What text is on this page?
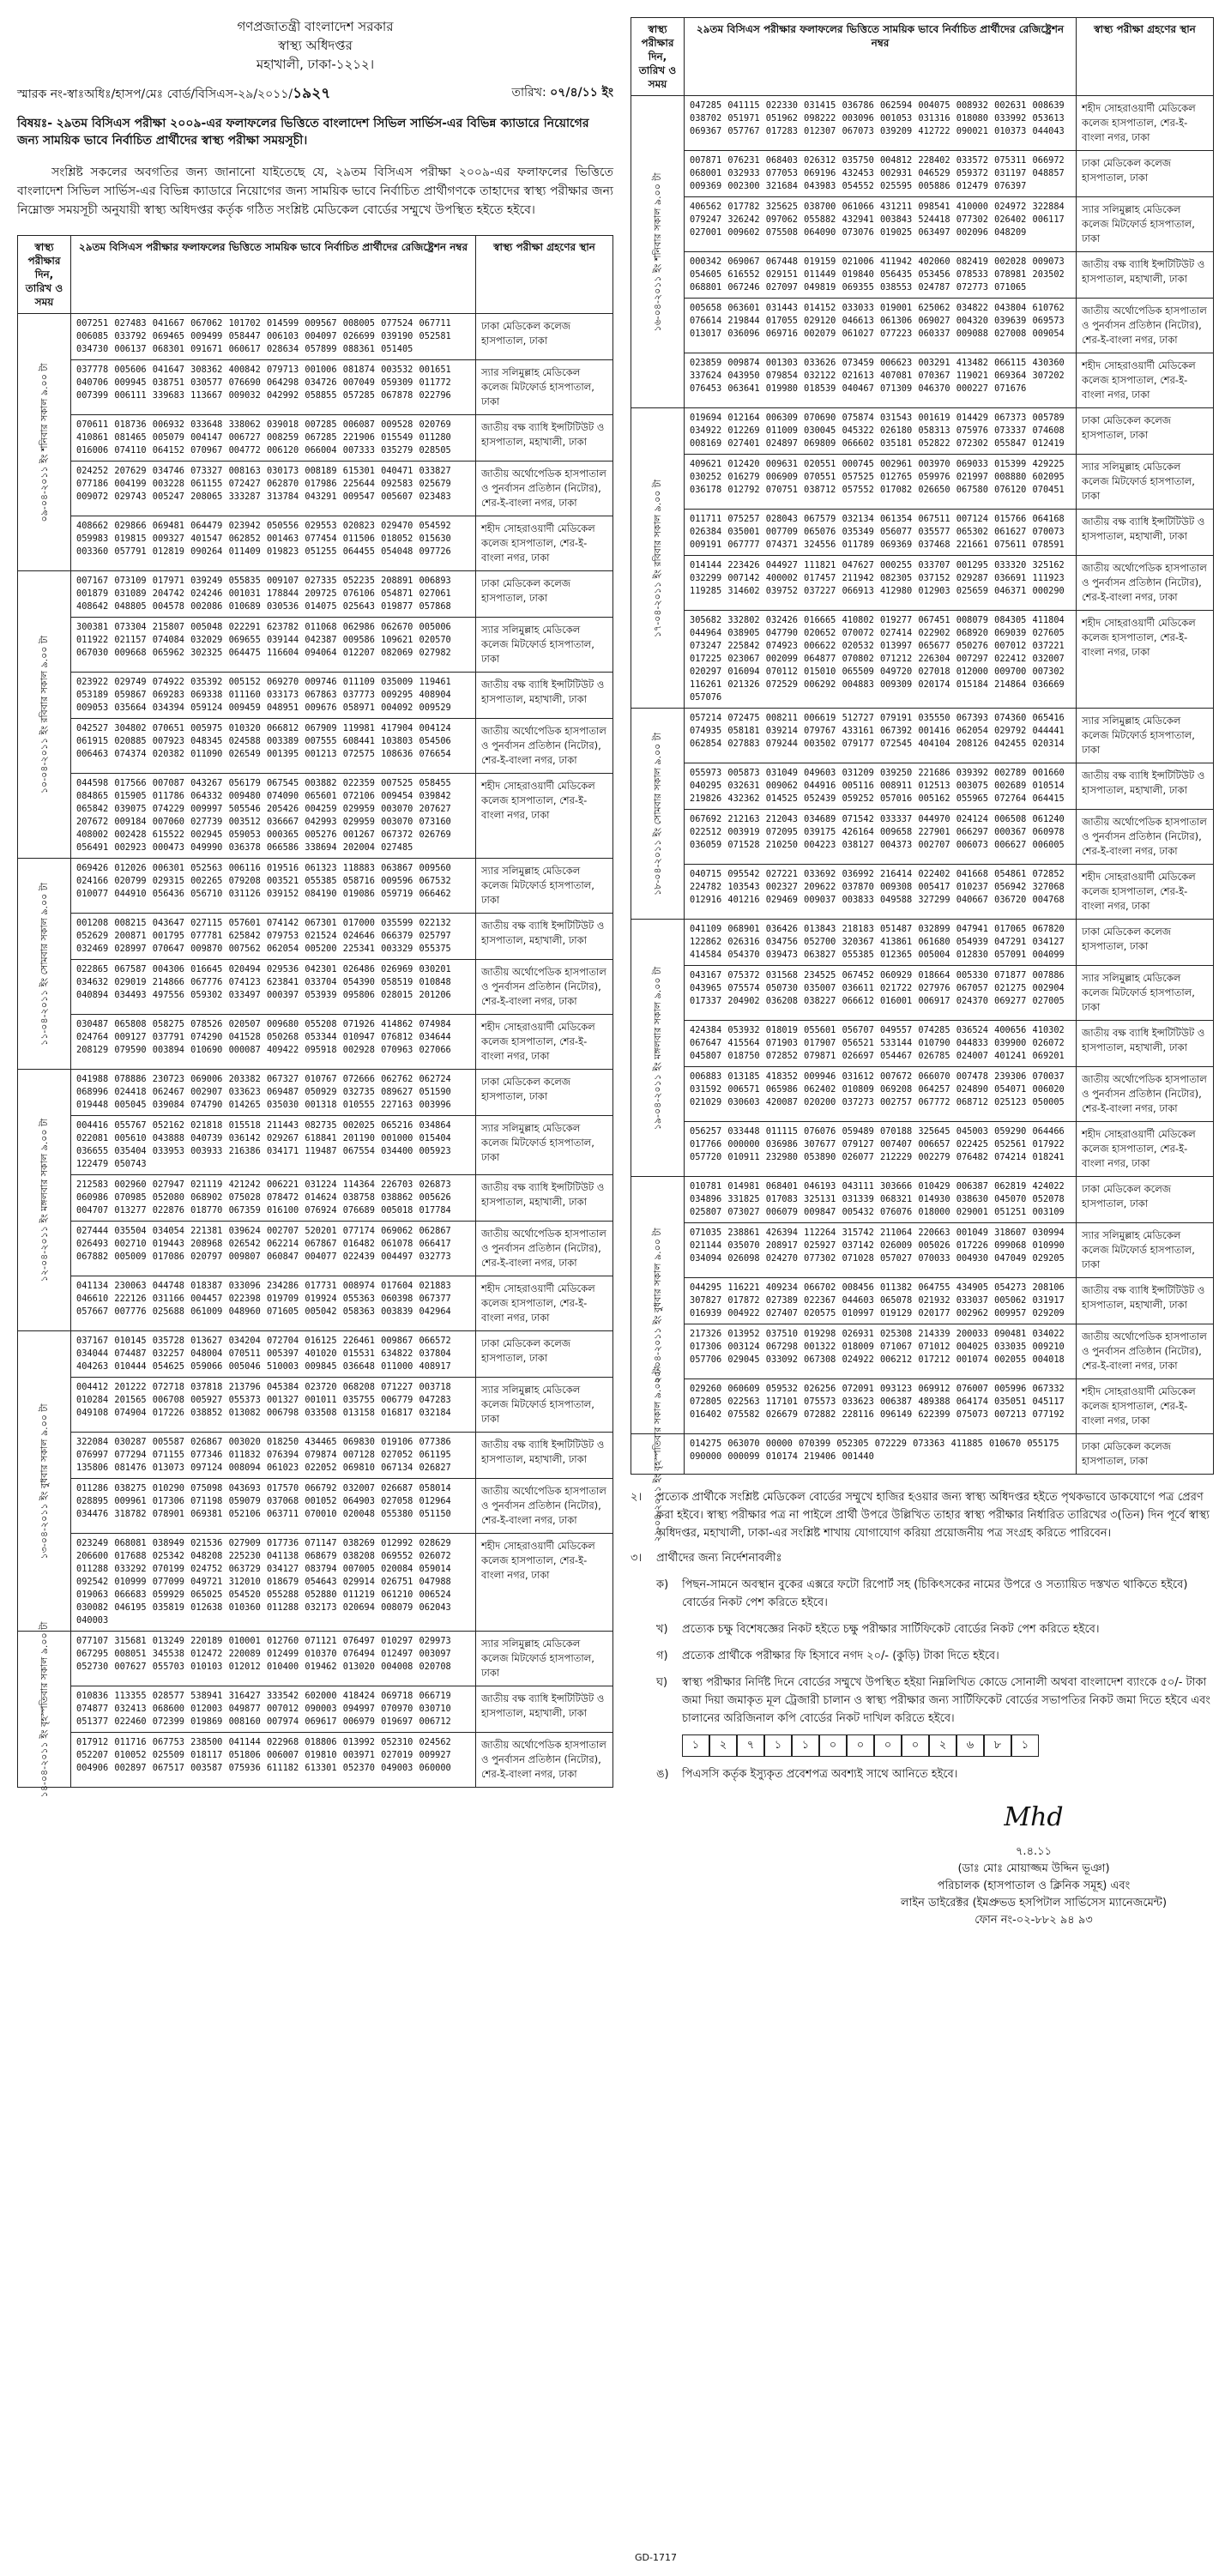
গণপ্রজাতন্ত্রী বাংলাদেশ সরকার
স্বাস্থ্য অধিদপ্তর
মহাখালী, ঢাকা-১২১২।
স্মারক নং-স্বাঃঅধিঃ/হাসপ/মেঃ বোর্ড/বিসিএস-২৯/২০১১/১৯২৭	তারিখ: ০৭/৪/১১ ইং
বিষয়ঃ- ২৯তম বিসিএস পরীক্ষা ২০০৯-এর ফলাফলের ভিত্তিতে বাংলাদেশ সিভিল সার্ভিস-এর বিভিন্ন ক্যাডারে নিয়োগের জন্য সাময়িক ভাবে নির্বাচিত প্রার্থীদের স্বাস্থ্য পরীক্ষা সময়সূচী।
সংশ্লিষ্ট সকলের অবগতির জন্য জানানো যাইতেছে যে, ২৯তম বিসিএস পরীক্ষা ২০০৯-এর ফলাফলের ভিত্তিতে বাংলাদেশ সিভিল সার্ভিস-এর বিভিন্ন ক্যাডারে নিয়োগের জন্য সাময়িক ভাবে নির্বাচিত প্রার্থীগণকে তাহাদের স্বাস্থ্য পরীক্ষার জন্য নিম্নোক্ত সময়সূচী অনুযায়ী স্বাস্থ্য অধিদপ্তর কর্তৃক গঠিত সংশ্লিষ্ট মেডিকেল বোর্ডের সম্মুখে উপস্থিত হইতে হইবে।
স্বাস্থ্য পরীক্ষার দিন, তারিখ ও সময়	২৯তম বিসিএস পরীক্ষার ফলাফলের ভিত্তিতে সাময়িক ভাবে নির্বাচিত প্রার্থীদের রেজিষ্ট্রেশন নম্বর	স্বাস্থ্য পরীক্ষা গ্রহণের স্থান

০৯-০৪-২০১১ ইং শনিবার সকাল ৯.০০ টা	007251 027483 041667 067062 101702 014599 009567 008005 077524 067711 006085 033792 069465 009499 058447 006103 004097 026699 039190 052581 034730 006137 068301 091671 060617 028634 057899 088361 051405	ঢাকা মেডিকেল কলেজ হাসপাতাল, ঢাকা
	037778 005606 041647 308362 400842 079713 001006 081874 003532 001651 040706 009945 038751 030577 076690 064298 034726 007049 059309 011772 007399 006111 339683 113667 009032 042992 058855 057285 067878 022796	স্যার সলিমুল্লাহ মেডিকেল কলেজ মিটফোর্ড হাসপাতাল, ঢাকা
	070611 018736 006932 033648 338062 039018 007285 006087 009528 020769 410861 081465 005079 004147 006727 008259 067285 221906 015549 011280 016006 074110 064152 070967 004772 006120 066004 007333 035279 028505	জাতীয় বক্ষ ব্যাধি ইন্সটিটিউট ও হাসপাতাল, মহাখালী, ঢাকা
	024252 207629 034746 073327 008163 030173 008189 615301 040471 033827 077186 004199 003228 061155 072427 062870 017986 225644 092583 025679 009072 029743 005247 208065 333287 313784 043291 009547 005607 023483	জাতীয় অর্থোপেডিক হাসপাতাল ও পুনর্বাসন প্রতিষ্ঠান (নিটোর), শের-ই-বাংলা নগর, ঢাকা
	408662 029866 069481 064479 023942 050556 029553 020823 029470 054592 059983 019815 009327 401547 062852 001463 077454 011506 018052 015630 003360 057791 012819 090264 011409 019823 051255 064455 054048 097726	শহীদ সোহরাওয়ার্দী মেডিকেল কলেজ হাসপাতাল, শের-ই-বাংলা নগর, ঢাকা

১০-০৪-২০১১ ইং রবিবার সকাল ৯.০০ টা	007167 073109 017971 039249 055835 009107 027335 052235 208891 006893 001879 031089 204742 024246 001031 178844 209725 076106 054871 027061 408642 048805 004578 002086 010689 030536 014075 025643 019877 057868	ঢাকা মেডিকেল কলেজ হাসপাতাল, ঢাকা
	300381 073304 215807 005048 022291 623782 011068 062986 062670 005006 011922 021157 074084 032029 069655 039144 042387 009586 109621 020570 067030 009668 065962 302325 064475 116604 094064 012207 082069 027982	স্যার সলিমুল্লাহ মেডিকেল কলেজ মিটফোর্ড হাসপাতাল, ঢাকা
	023922 029749 074922 035392 005152 069270 009746 011109 035009 119461 053189 059867 069283 069338 011160 033173 067863 037773 009295 408904 009053 035664 034394 059124 009459 048951 009676 058971 004092 009529	জাতীয় বক্ষ ব্যাধি ইন্সটিটিউট ও হাসপাতাল, মহাখালী, ঢাকা
	042527 304802 070651 005975 010320 066812 067909 119981 417904 004124 061915 020885 007923 048345 024588 003389 007555 608441 103803 054506 006463 074374 020382 011090 026549 001395 001213 072575 108636 076654	জাতীয় অর্থোপেডিক হাসপাতাল ও পুনর্বাসন প্রতিষ্ঠান (নিটোর), শের-ই-বাংলা নগর, ঢাকা
	044598 017566 007087 043267 056179 067545 003882 022359 007525 058455 084865 015905 011786 064332 009480 074090 065601 072106 009454 039842 065842 039075 074229 009997 505546 205426 004259 029959 003070 207627 207672 009184 007060 027739 003512 036667 042993 029959 003070 073160 408002 002428 615522 002945 059053 000365 005276 001267 067372 026769 056491 002923 000473 049990 036378 066586 338694 202004 027485	শহীদ সোহরাওয়ার্দী মেডিকেল কলেজ হাসপাতাল, শের-ই-বাংলা নগর, ঢাকা

১১-০৪-২০১১ ইং সোমবার সকাল ৯.০০ টা	069426 012026 006301 052563 006116 019516 061323 118883 063867 009560 024166 020799 029315 002265 079208 003521 055385 058716 009596 067532 010077 044910 056436 056710 031126 039152 084190 019086 059719 066462	স্যার সলিমুল্লাহ মেডিকেল কলেজ মিটফোর্ড হাসপাতাল, ঢাকা
	001208 008215 043647 027115 057601 074142 067301 017000 035599 022132 052629 200871 001795 077781 625842 079753 021524 024646 066379 025797 032469 028997 070647 009870 007562 062054 005200 225341 003329 055375	জাতীয় বক্ষ ব্যাধি ইন্সটিটিউট ও হাসপাতাল, মহাখালী, ঢাকা
	022865 067587 004306 016645 020494 029536 042301 026486 026969 030201 034632 029019 214866 067776 074123 623841 033704 054390 058519 010848 040894 034493 497556 059302 033497 000397 053939 095806 028015 201206	জাতীয় অর্থোপেডিক হাসপাতাল ও পুনর্বাসন প্রতিষ্ঠান (নিটোর), শের-ই-বাংলা নগর, ঢাকা
	030487 065808 058275 078526 020507 009680 055208 071926 414862 074984 024764 009127 037791 074290 041528 050268 053344 010947 076812 034644 208129 079590 003894 010690 000087 409422 095918 002928 070963 027066	শহীদ সোহরাওয়ার্দী মেডিকেল কলেজ হাসপাতাল, শের-ই-বাংলা নগর, ঢাকা

১২-০৪-২০১১ ইং মঙ্গলবার সকাল ৯.০০ টা	041988 078886 230723 069006 203382 067327 010767 072666 062762 062724 068996 024418 062467 002907 033623 069487 050929 032735 089627 051590 019448 005045 039084 074790 014265 035030 001318 010555 227163 003996	ঢাকা মেডিকেল কলেজ হাসপাতাল, ঢাকা
	004416 055767 052162 021818 015518 211443 082735 002025 065216 034864 022081 005610 043888 040739 036142 029267 618841 201190 001000 015404 036655 035404 033953 003933 216386 034171 119487 067554 034400 005923 122479 050743	স্যার সলিমুল্লাহ মেডিকেল কলেজ মিটফোর্ড হাসপাতাল, ঢাকা
	212583 002960 027947 021119 421242 006221 031224 114364 226703 026873 060986 070985 052080 068902 075028 078472 014624 038758 038862 005626 004707 013277 022876 018770 067359 016100 076924 076689 005018 017784	জাতীয় বক্ষ ব্যাধি ইন্সটিটিউট ও হাসপাতাল, মহাখালী, ঢাকা
	027444 035504 034054 221381 039624 002707 520201 077174 069062 062867 026493 002710 019443 208968 026542 062214 067867 016482 061078 066417 067882 005009 017086 020797 009807 060847 004077 022439 004497 032773	জাতীয় অর্থোপেডিক হাসপাতাল ও পুনর্বাসন প্রতিষ্ঠান (নিটোর), শের-ই-বাংলা নগর, ঢাকা
	041134 230063 044748 018387 033096 234286 017731 008974 017604 021883 046610 222126 031166 004457 022398 019709 019924 055363 060398 067377 057667 007776 025688 061009 048960 071605 005042 058363 003839 042964	শহীদ সোহরাওয়ার্দী মেডিকেল কলেজ হাসপাতাল, শের-ই-বাংলা নগর, ঢাকা

১৩-০৪-২০১১ ইং বুধবার সকাল ৯.০০ টা	037167 010145 035728 013627 034204 072704 016125 226461 009867 066572 034044 074487 032257 048004 070511 005397 401020 015531 634822 037804 404263 010444 054625 059066 005046 510003 009845 036648 011000 408917	ঢাকা মেডিকেল কলেজ হাসপাতাল, ঢাকা
	004412 201222 072718 037818 213796 045384 023720 068208 071227 003718 010284 201565 006708 005927 055373 001327 001011 035755 006779 047283 049108 074904 017226 038852 013082 006798 033508 013158 016817 032184	স্যার সলিমুল্লাহ মেডিকেল কলেজ মিটফোর্ড হাসপাতাল, ঢাকা
	322084 030287 005587 026867 003020 018250 434465 069830 019106 077386 076997 077294 071155 077346 011832 076394 079874 007128 027052 061195 135806 081476 013073 097124 008094 061023 022052 069810 067134 026827	জাতীয় বক্ষ ব্যাধি ইন্সটিটিউট ও হাসপাতাল, মহাখালী, ঢাকা
	011286 038275 010290 075098 043693 017570 066792 032007 026687 058014 028895 009961 017306 071198 059079 037068 001052 064903 027058 012964 034476 318782 078901 069381 052106 063711 070010 020048 055380 051150	জাতীয় অর্থোপেডিক হাসপাতাল ও পুনর্বাসন প্রতিষ্ঠান (নিটোর), শের-ই-বাংলা নগর, ঢাকা
	023249 068081 038949 021536 027909 017736 071147 038269 012992 028629 206600 017688 025342 048208 225230 041138 068679 038208 069552 026072 011288 033292 070199 024752 063729 034127 083794 007005 020084 059014 092542 010999 077099 049721 312010 018679 054643 029914 026751 047988 019063 066683 059929 065025 054520 055288 052880 011219 061210 006524 030082 046195 035819 012638 010360 011288 032173 020694 008079 062043 040003	শহীদ সোহরাওয়ার্দী মেডিকেল কলেজ হাসপাতাল, শের-ই-বাংলা নগর, ঢাকা

১৪-০৪-২০১১ ইং বৃহস্পতিবার সকাল ৯.০০ টা	077107 315681 013249 220189 010001 012760 071121 076497 010297 029973 067295 008051 345538 012472 220089 012499 010370 076494 012497 003097 052730 007627 055703 010103 012012 010400 019462 013020 004008 020708	স্যার সলিমুল্লাহ মেডিকেল কলেজ মিটফোর্ড হাসপাতাল, ঢাকা
	010836 113355 028577 538941 316427 333542 602000 418424 069718 066719 074877 032413 068600 012003 049877 007012 090003 094997 070970 030710 051377 022460 072399 019869 008160 007974 069617 006979 019697 006712	জাতীয় বক্ষ ব্যাধি ইন্সটিটিউট ও হাসপাতাল, মহাখালী, ঢাকা
	017912 011716 067753 238500 041144 022968 018806 013992 052310 024562 052207 010052 025509 018117 051806 006007 019810 003971 027019 009927 004906 002897 067517 003587 075936 611182 613301 052370 049003 060000	জাতীয় অর্থোপেডিক হাসপাতাল ও পুনর্বাসন প্রতিষ্ঠান (নিটোর), শের-ই-বাংলা নগর, ঢাকা
স্বাস্থ্য পরীক্ষার দিন, তারিখ ও সময়	২৯তম বিসিএস পরীক্ষার ফলাফলের ভিত্তিতে সাময়িক ভাবে নির্বাচিত প্রার্থীদের রেজিষ্ট্রেশন নম্বর	স্বাস্থ্য পরীক্ষা গ্রহণের স্থান

১৬-০৪-২০১১ ইং শনিবার সকাল ৯.০০ টা	047285 041115 022330 031415 036786 062594 004075 008932 002631 008639 038702 051971 051962 098222 003096 001053 031316 018080 033992 053613 069367 057767 017283 012307 067073 039209 412722 090021 010373 044043	শহীদ সোহরাওয়ার্দী মেডিকেল কলেজ হাসপাতাল, শের-ই-বাংলা নগর, ঢাকা
	007871 076231 068403 026312 035750 004812 228402 033572 075311 066972 068001 032933 077053 069196 432453 002931 046529 059372 031197 048857 009369 002300 321684 043983 054552 025595 005886 012479 076397	ঢাকা মেডিকেল কলেজ হাসপাতাল, ঢাকা
	406562 017782 325625 038700 061066 431211 098541 410000 024972 322884 079247 326242 097062 055882 432941 003843 524418 077302 026402 006117 027001 009602 075508 064090 073076 019025 063497 002096 048209	স্যার সলিমুল্লাহ মেডিকেল কলেজ মিটফোর্ড হাসপাতাল, ঢাকা
	000342 069067 067448 019159 021006 411942 402060 082419 002028 009073 054605 616552 029151 011449 019840 056435 053456 078533 078981 203502 068801 067246 027097 049819 069355 038553 024787 072773 071065	জাতীয় বক্ষ ব্যাধি ইন্সটিটিউট ও হাসপাতাল, মহাখালী, ঢাকা
	005658 063601 031443 014152 033033 019001 625062 034822 043804 610762 076614 219844 017055 029120 046613 061306 069027 004320 039639 069573 013017 036096 069716 002079 061027 077223 060337 009088 027008 009054	জাতীয় অর্থোপেডিক হাসপাতাল ও পুনর্বাসন প্রতিষ্ঠান (নিটোর), শের-ই-বাংলা নগর, ঢাকা
	023859 009874 001303 033626 073459 006623 003291 413482 066115 430360 337624 043950 079854 032122 021613 407081 070367 119021 069364 307202 076453 063641 019980 018539 040467 071309 046370 000227 071676	শহীদ সোহরাওয়ার্দী মেডিকেল কলেজ হাসপাতাল, শের-ই-বাংলা নগর, ঢাকা

১৭-০৪-২০১১ ইং রবিবার সকাল ৯.০০ টা	019694 012164 006309 070690 075874 031543 001619 014429 067373 005789 034922 012269 011009 030045 045322 026180 058313 075976 073337 074608 008169 027401 024897 069809 066602 035181 052822 072302 055847 012419	ঢাকা মেডিকেল কলেজ হাসপাতাল, ঢাকা
	409621 012420 009631 020551 000745 002961 003970 069033 015399 429225 030252 016279 006909 070551 057525 012765 059976 021997 008880 602095 036178 012792 070751 038712 057552 017082 026650 067580 076120 070451	স্যার সলিমুল্লাহ মেডিকেল কলেজ মিটফোর্ড হাসপাতাল, ঢাকা
	011711 075257 028043 067579 032134 061354 067511 007124 015766 064168 026384 035001 007709 065076 035349 056077 035577 065302 061627 070073 009191 067777 074371 324556 011789 069369 037468 221661 075611 078591	জাতীয় বক্ষ ব্যাধি ইন্সটিটিউট ও হাসপাতাল, মহাখালী, ঢাকা
	014144 223426 044927 111821 047627 000255 033707 001295 033320 325162 032299 007142 400002 017457 211942 082305 037152 029287 036691 111923 119285 314602 039752 037227 066913 412980 012903 025659 046371 000290	জাতীয় অর্থোপেডিক হাসপাতাল ও পুনর্বাসন প্রতিষ্ঠান (নিটোর), শের-ই-বাংলা নগর, ঢাকা
	305682 332802 032426 016665 410802 019277 067451 008079 084305 411804 044964 038905 047790 020652 070072 027414 022902 068920 069039 027605 073247 225842 074923 006622 020532 013997 065677 050276 007012 037221 017225 023067 002099 064877 070802 071212 226304 007297 022412 032007 020297 016094 070112 015010 065509 049720 027018 012000 009700 007302 116261 021326 072529 006292 004883 009309 020174 015184 214864 036669 057076	শহীদ সোহরাওয়ার্দী মেডিকেল কলেজ হাসপাতাল, শের-ই-বাংলা নগর, ঢাকা

১৮-০৪-২০১১ ইং সোমবার সকাল ৯.০০ টা	057214 072475 008211 006619 512727 079191 035550 067393 074360 065416 074935 058181 039214 079767 433161 067392 001416 062054 029792 044441 062854 027883 079244 003502 079177 072545 404104 208126 042455 020314	স্যার সলিমুল্লাহ মেডিকেল কলেজ মিটফোর্ড হাসপাতাল, ঢাকা
	055973 005873 031049 049603 031209 039250 221686 039392 002789 001660 040295 032631 009062 044916 005116 008911 012513 003075 002689 010514 219826 432362 014525 052439 059252 057016 005162 055965 072764 064415	জাতীয় বক্ষ ব্যাধি ইন্সটিটিউট ও হাসপাতাল, মহাখালী, ঢাকা
	067692 212163 212043 034689 071542 033337 044970 024124 006508 061240 022512 003919 072095 039175 426164 009658 227901 066297 000367 060978 036059 071528 210250 004223 038127 004373 002707 006073 006627 006005	জাতীয় অর্থোপেডিক হাসপাতাল ও পুনর্বাসন প্রতিষ্ঠান (নিটোর), শের-ই-বাংলা নগর, ঢাকা
	040715 095542 027221 033692 036992 216414 022402 041668 054861 072852 224782 103543 002327 209622 037870 009308 005417 010237 056942 327068 012916 401216 029469 009037 003833 049588 327299 040667 036720 004768	শহীদ সোহরাওয়ার্দী মেডিকেল কলেজ হাসপাতাল, শের-ই-বাংলা নগর, ঢাকা

১৯-০৪-২০১১ ইং মঙ্গলবার সকাল ৯.০০ টা	041109 068901 036426 013843 218183 051487 032899 047941 017065 067820 122862 026316 034756 052700 320367 413861 061680 054939 047291 034127 414584 054370 039473 063827 055385 012365 005004 012830 057091 004099	ঢাকা মেডিকেল কলেজ হাসপাতাল, ঢাকা
	043167 075372 031568 234525 067452 060929 018664 005330 071877 007886 043965 075574 050730 035007 036611 021722 027976 067057 021275 002904 017337 204902 036208 038227 066612 016001 006917 024370 069277 027005	স্যার সলিমুল্লাহ মেডিকেল কলেজ মিটফোর্ড হাসপাতাল, ঢাকা
	424384 053932 018019 055601 056707 049557 074285 036524 400656 410302 067647 415564 071903 017907 056521 533144 010790 044833 039900 026072 045807 018750 072852 079871 026697 054467 026785 024007 401241 069201	জাতীয় বক্ষ ব্যাধি ইন্সটিটিউট ও হাসপাতাল, মহাখালী, ঢাকা
	006883 013185 418352 009946 031612 007672 066070 007478 239306 070037 031592 006571 065986 062402 010809 069208 064257 024890 054071 006020 021029 030603 420087 020200 037273 002757 067772 068712 025123 050005	জাতীয় অর্থোপেডিক হাসপাতাল ও পুনর্বাসন প্রতিষ্ঠান (নিটোর), শের-ই-বাংলা নগর, ঢাকা
	056257 033448 011115 076076 059489 070188 325645 045003 059290 064466 017766 000000 036986 307677 079127 007407 006657 022425 052561 017922 057720 010911 232980 053890 026077 212229 002279 076482 074214 018241	শহীদ সোহরাওয়ার্দী মেডিকেল কলেজ হাসপাতাল, শের-ই-বাংলা নগর, ঢাকা

২০-০৪-২০১১ ইং বুধবার সকাল ৯.০০ টা	010781 014981 068401 046193 043111 303666 010429 006387 062819 424022 034896 331825 017083 325131 031339 068321 014930 038630 045070 052078 025807 073027 006079 009847 005432 076076 018000 029001 051251 003109	ঢাকা মেডিকেল কলেজ হাসপাতাল, ঢাকা
	071035 238861 426394 112264 315742 211064 220663 001049 318607 030994 021144 035070 208917 025927 037142 026009 005026 017226 099068 010990 034094 026098 024270 077302 071028 057027 070033 004930 047049 029205	স্যার সলিমুল্লাহ মেডিকেল কলেজ মিটফোর্ড হাসপাতাল, ঢাকা
	044295 116221 409234 066702 008456 011382 064755 434905 054273 208106 307827 017872 027389 022367 044603 065078 021932 033037 005062 031917 016939 004922 027407 020575 010997 019129 020177 002962 009957 029209	জাতীয় বক্ষ ব্যাধি ইন্সটিটিউট ও হাসপাতাল, মহাখালী, ঢাকা
	217326 013952 037510 019298 026931 025308 214339 200033 090481 034022 017306 003124 067298 001322 018009 071067 071012 004025 033035 009210 057706 029045 033092 067308 024922 006212 017212 001074 002055 004018	জাতীয় অর্থোপেডিক হাসপাতাল ও পুনর্বাসন প্রতিষ্ঠান (নিটোর), শের-ই-বাংলা নগর, ঢাকা
	029260 060609 059532 026256 072091 093123 069912 076007 005996 067332 072805 022563 117101 075573 033623 006387 489388 064174 035051 045117 016402 075582 026679 072882 228116 096149 622399 075073 007213 077192	শহীদ সোহরাওয়ার্দী মেডিকেল কলেজ হাসপাতাল, শের-ই-বাংলা নগর, ঢাকা

২১-০৪-২০১১ ইং বৃহস্পতিবার সকাল ৯.০০ টা	014275 063070 00000 070399 052305 072229 073363 411885 010670 055175 090000 000099 010174 219406 001440	ঢাকা মেডিকেল কলেজ হাসপাতাল, ঢাকা
২।	প্রত্যেক প্রার্থীকে সংশ্লিষ্ট মেডিকেল বোর্ডের সম্মুখে হাজির হওয়ার জন্য স্বাস্থ্য অধিদপ্তর হইতে পৃথকভাবে ডাকযোগে পত্র প্রেরণ করা হইবে। স্বাস্থ্য পরীক্ষার পত্র না পাইলে প্রার্থী উপরে উল্লিখিত তাহার স্বাস্থ্য পরীক্ষার নির্ধারিত তারিখের ৩(তিন) দিন পূর্বে স্বাস্থ্য অধিদপ্তর, মহাখালী, ঢাকা-এর সংশ্লিষ্ট শাখায় যোগাযোগ করিয়া প্রয়োজনীয় পত্র সংগ্রহ করিতে পারিবেন।
৩।	প্রার্থীদের জন্য নির্দেশনাবলীঃ
ক)	পিছন-সামনে অবস্থান বুকের এক্সরে ফটো রিপোর্ট সহ (চিকিৎসকের নামের উপরে ও সত্যায়িত দস্তখত থাকিতে হইবে) বোর্ডের নিকট পেশ করিতে হইবে।
খ)	প্রত্যেক চক্ষু বিশেষজ্ঞের নিকট হইতে চক্ষু পরীক্ষার সার্টিফিকেট বোর্ডের নিকট পেশ করিতে হইবে।
গ)	প্রত্যেক প্রার্থীকে পরীক্ষার ফি হিসাবে নগদ ২০/- (কুড়ি) টাকা দিতে হইবে।
ঘ)	স্বাস্থ্য পরীক্ষার নির্দিষ্ট দিনে বোর্ডের সম্মুখে উপস্থিত হইয়া নিম্নলিখিত কোডে সোনালী অথবা বাংলাদেশ ব্যাংকে ৫০/- টাকা জমা দিয়া জমাকৃত মূল ট্রেজারী চালান ও স্বাস্থ্য পরীক্ষার জন্য সার্টিফিকেট বোর্ডের সভাপতির নিকট জমা দিতে হইবে এবং চালানের অরিজিনাল কপি বোর্ডের নিকট দাখিল করিতে হইবে।
১	২	৭	১	১	০	০	০	০	২	৬	৮	১
ঙ)	পিএসসি কর্তৃক ইস্যুকৃত প্রবেশপত্র অবশ্যই সাথে আনিতে হইবে।
Mhd
৭.৪.১১
(ডাঃ মোঃ মোয়াজ্জম উদ্দিন ভূঞা)
পরিচালক (হাসপাতাল ও ক্লিনিক সমূহ) এবং
লাইন ডাইরেক্টর (ইমপ্রুভড হসপিটাল সার্ভিসেস ম্যানেজমেন্ট)
ফোন নং-০২-৮৮২ ৯৪ ৯৩
GD-1717
